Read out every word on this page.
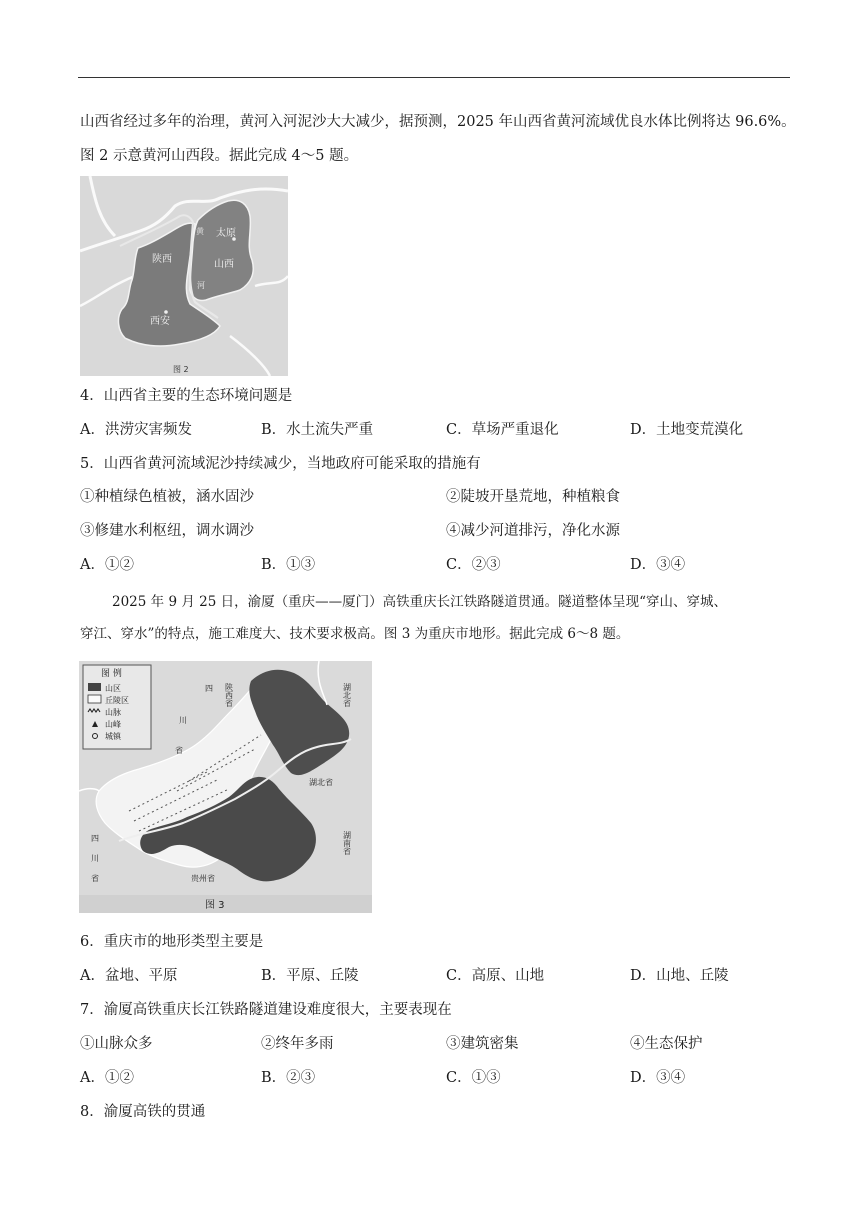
山西省经过多年的治理，黄河入河泥沙大大减少，据预测，2025 年山西省黄河流域优良水体比例将达 96.6%。
图 2 示意黄河山西段。据此完成 4～5 题。
太原
山西
陕西
西安
黄
河
图 2
4．山西省主要的生态环境问题是
A．洪涝灾害频发	B．水土流失严重	C．草场严重退化	D．土地变荒漠化
5．山西省黄河流域泥沙持续减少，当地政府可能采取的措施有
①种植绿色植被，涵水固沙	②陡坡开垦荒地，种植粮食
③修建水利枢纽，调水调沙	④减少河道排污，净化水源
A．①②	B．①③	C．②③	D．③④
2025 年 9 月 25 日，渝厦（重庆——厦门）高铁重庆长江铁路隧道贯通。隧道整体呈现“穿山、穿城、
穿江、穿水”的特点，施工难度大、技术要求极高。图 3 为重庆市地形。据此完成 6～8 题。
图 例
山区
丘陵区
山脉
山峰
城镇
陕西省	湖北省
四
川
省
湖北省
湖南省
贵州省
四
川
省
图 3
6．重庆市的地形类型主要是
A．盆地、平原	B．平原、丘陵	C．高原、山地	D．山地、丘陵
7．渝厦高铁重庆长江铁路隧道建设难度很大，主要表现在
①山脉众多	②终年多雨	③建筑密集	④生态保护
A．①②	B．②③	C．①③	D．③④
8．渝厦高铁的贯通
